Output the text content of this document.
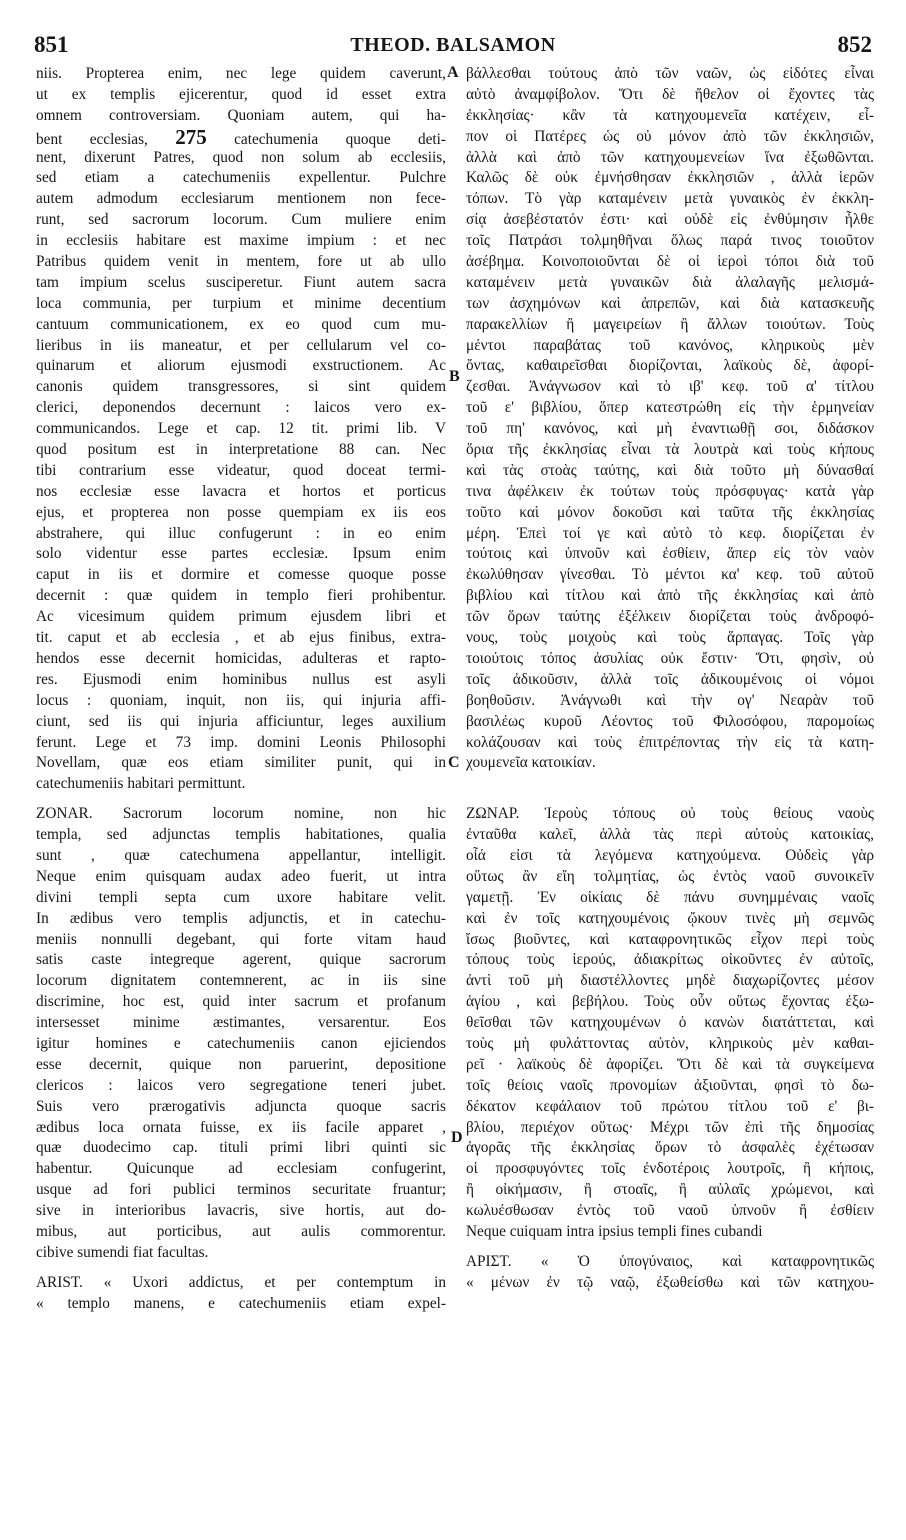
851	THEOD. BALSAMON	852
A
B
C
D
niis. Propterea enim, nec lege quidem caverunt,
ut ex templis ejicerentur, quod id esset extra
omnem controversiam. Quoniam autem, qui ha-
bent ecclesias, 275 catechumenia quoque deti-
nent, dixerunt Patres, quod non solum ab ecclesiis,
sed etiam a catechumeniis expellentur. Pulchre
autem admodum ecclesiarum mentionem non fece-
runt, sed sacrorum locorum. Cum muliere enim
in ecclesiis habitare est maxime impium : et nec
Patribus quidem venit in mentem, fore ut ab ullo
tam impium scelus susciperetur. Fiunt autem sacra
loca communia, per turpium et minime decentium
cantuum communicationem, ex eo quod cum mu-
lieribus in iis maneatur, et per cellularum vel co-
quinarum et aliorum ejusmodi exstructionem. Ac
canonis quidem transgressores, si sint quidem
clerici, deponendos decernunt : laicos vero ex-
communicandos. Lege et cap. 12 tit. primi lib. V
quod positum est in interpretatione 88 can. Nec
tibi contrarium esse videatur, quod doceat termi-
nos ecclesiæ esse lavacra et hortos et porticus
ejus, et propterea non posse quempiam ex iis eos
abstrahere, qui illuc confugerunt : in eo enim
solo videntur esse partes ecclesiæ. Ipsum enim
caput in iis et dormire et comesse quoque posse
decernit : quæ quidem in templo fieri prohibentur.
Ac vicesimum quidem primum ejusdem libri et
tit. caput et ab ecclesia , et ab ejus finibus, extra-
hendos esse decernit homicidas, adulteras et rapto-
res. Ejusmodi enim hominibus nullus est asyli
locus : quoniam, inquit, non iis, qui injuria affi-
ciunt, sed iis qui injuria afficiuntur, leges auxilium
ferunt. Lege et 73 imp. domini Leonis Philosophi
Novellam, quæ eos etiam similiter punit, qui in
catechumeniis habitari permittunt.
ZONAR. Sacrorum locorum nomine, non hic
templa, sed adjunctas templis habitationes, qualia
sunt , quæ catechumena appellantur, intelligit.
Neque enim quisquam audax adeo fuerit, ut intra
divini templi septa cum uxore habitare velit.
In ædibus vero templis adjunctis, et in catechu-
meniis nonnulli degebant, qui forte vitam haud
satis caste integreque agerent, quique sacrorum
locorum dignitatem contemnerent, ac in iis sine
discrimine, hoc est, quid inter sacrum et profanum
intersesset minime æstimantes, versarentur. Eos
igitur homines e catechumeniis canon ejiciendos
esse decernit, quique non paruerint, depositione
clericos : laicos vero segregatione teneri jubet.
Suis vero prærogativis adjuncta quoque sacris
ædibus loca ornata fuisse, ex iis facile apparet ,
quæ duodecimo cap. tituli primi libri quinti sic
habentur. Quicunque ad ecclesiam confugerint,
usque ad fori publici terminos securitate fruantur;
sive in interioribus lavacris, sive hortis, aut do-
mibus, aut porticibus, aut aulis commorentur.
cibive sumendi fiat facultas.
ARIST. « Uxori addictus, et per contemptum in
« templo manens, e catechumeniis etiam expel-
βάλλεσθαι τούτους ἀπὸ τῶν ναῶν, ὡς εἰδότες εἶναι
αὐτὸ ἀναμφίβολον. Ὅτι δὲ ἤθελον οἱ ἔχοντες τὰς
ἐκκλησίας· κἂν τὰ κατηχουμενεῖα κατέχειν, εἶ-
πον οἱ Πατέρες ὡς οὐ μόνον ἀπὸ τῶν ἐκκλησιῶν,
ἀλλὰ καὶ ἀπὸ τῶν κατηχουμενείων ἵνα ἐξωθῶνται.
Καλῶς δὲ οὐκ ἐμνήσθησαν ἐκκλησιῶν , ἀλλὰ ἱερῶν
τόπων. Τὸ γὰρ καταμένειν μετὰ γυναικὸς ἐν ἐκκλη-
σίᾳ ἀσεβέστατόν ἐστι· καὶ οὐδὲ εἰς ἐνθύμησιν ἦλθε
τοῖς Πατράσι τολμηθῆναι ὅλως παρά τινος τοιοῦτον
ἀσέβημα. Κοινοποιοῦνται δὲ οἱ ἱεροὶ τόποι διὰ τοῦ
καταμένειν μετὰ γυναικῶν διὰ ἀλαλαγῆς μελισμά-
των ἀσχημόνων καὶ ἀπρεπῶν, καὶ διὰ κατασκευῆς
παρακελλίων ἢ μαγειρείων ἢ ἄλλων τοιούτων. Τοὺς
μέντοι παραβάτας τοῦ κανόνος, κληρικοὺς μὲν
ὄντας, καθαιρεῖσθαι διορίζονται, λαϊκοὺς δὲ, ἀφορί-
ζεσθαι. Ἀνάγνωσον καὶ τὸ ιβ' κεφ. τοῦ α' τίτλου
τοῦ ε' βιβλίου, ὅπερ κατεστρώθη εἰς τὴν ἑρμηνείαν
τοῦ πη' κανόνος, καὶ μὴ ἐναντιωθῇ σοι, διδάσκον
ὅρια τῆς ἐκκλησίας εἶναι τὰ λουτρὰ καὶ τοὺς κήπους
καὶ τὰς στοὰς ταύτης, καὶ διὰ τοῦτο μὴ δύνασθαί
τινα ἀφέλκειν ἐκ τούτων τοὺς πρόσφυγας· κατὰ γὰρ
τοῦτο καὶ μόνον δοκοῦσι καὶ ταῦτα τῆς ἐκκλησίας
μέρη. Ἐπεὶ τοί γε καὶ αὐτὸ τὸ κεφ. διορίζεται ἐν
τούτοις καὶ ὑπνοῦν καὶ ἐσθίειν, ἅπερ εἰς τὸν ναὸν
ἐκωλύθησαν γίνεσθαι. Τὸ μέντοι κα' κεφ. τοῦ αὐτοῦ
βιβλίου καὶ τίτλου καὶ ἀπὸ τῆς ἐκκλησίας καὶ ἀπὸ
τῶν ὅρων ταύτης ἐξέλκειν διορίζεται τοὺς ἀνδροφό-
νους, τοὺς μοιχοὺς καὶ τοὺς ἅρπαγας. Τοῖς γὰρ
τοιούτοις τόπος ἀσυλίας οὐκ ἔστιν· Ὅτι, φησὶν, οὐ
τοῖς ἀδικοῦσιν, ἀλλὰ τοῖς ἀδικουμένοις οἱ νόμοι
βοηθοῦσιν. Ἀνάγνωθι καὶ τὴν ογ' Νεαρὰν τοῦ
βασιλέως κυροῦ Λέοντος τοῦ Φιλοσόφου, παρομοίως
κολάζουσαν καὶ τοὺς ἐπιτρέποντας τὴν εἰς τὰ κατη-
χουμενεῖα κατοικίαν.
ΖΩΝΑΡ. Ἱεροὺς τόπους οὐ τοὺς θείους ναοὺς
ἐνταῦθα καλεῖ, ἀλλὰ τὰς περὶ αὐτοὺς κατοικίας,
οἷά εἰσι τὰ λεγόμενα κατηχούμενα. Οὐδεὶς γὰρ
οὕτως ἂν εἴη τολμητίας, ὡς ἐντὸς ναοῦ συνοικεῖν
γαμετῇ. Ἐν οἰκίαις δὲ πάνυ συνημμέναις ναοῖς
καὶ ἐν τοῖς κατηχουμένοις ᾤκουν τινὲς μὴ σεμνῶς
ἴσως βιοῦντες, καὶ καταφρονητικῶς εἶχον περὶ τοὺς
τόπους τοὺς ἱερούς, ἀδιακρίτως οἰκοῦντες ἐν αὐτοῖς,
ἀντὶ τοῦ μὴ διαστέλλοντες μηδὲ διαχωρίζοντες μέσον
ἁγίου , καὶ βεβήλου. Τοὺς οὖν οὕτως ἔχοντας ἐξω-
θεῖσθαι τῶν κατηχουμένων ὁ κανὼν διατάττεται, καὶ
τοὺς μὴ φυλάττοντας αὐτὸν, κληρικοὺς μὲν καθαι-
ρεῖ · λαϊκοὺς δὲ ἀφορίζει. Ὅτι δὲ καὶ τὰ συγκείμενα
τοῖς θείοις ναοῖς προνομίων ἀξιοῦνται, φησὶ τὸ δω-
δέκατον κεφάλαιον τοῦ πρώτου τίτλου τοῦ ε' βι-
βλίου, περιέχον οὕτως· Μέχρι τῶν ἐπὶ τῆς δημοσίας
ἀγορᾶς τῆς ἐκκλησίας ὅρων τὸ ἀσφαλὲς ἐχέτωσαν
οἱ προσφυγόντες τοῖς ἐνδοτέροις λουτροῖς, ἢ κήποις,
ἢ οἰκήμασιν, ἢ στοαῖς, ἢ αὐλαῖς χρώμενοι, καὶ
κωλυέσθωσαν ἐντὸς τοῦ ναοῦ ὑπνοῦν ἢ ἐσθίειν
Neque cuiquam intra ipsius templi fines cubandi
ΑΡΙΣΤ. « Ὁ ὑπογύναιος, καὶ καταφρονητικῶς
« μένων ἐν τῷ ναῷ, ἐξωθείσθω καὶ τῶν κατηχου-
